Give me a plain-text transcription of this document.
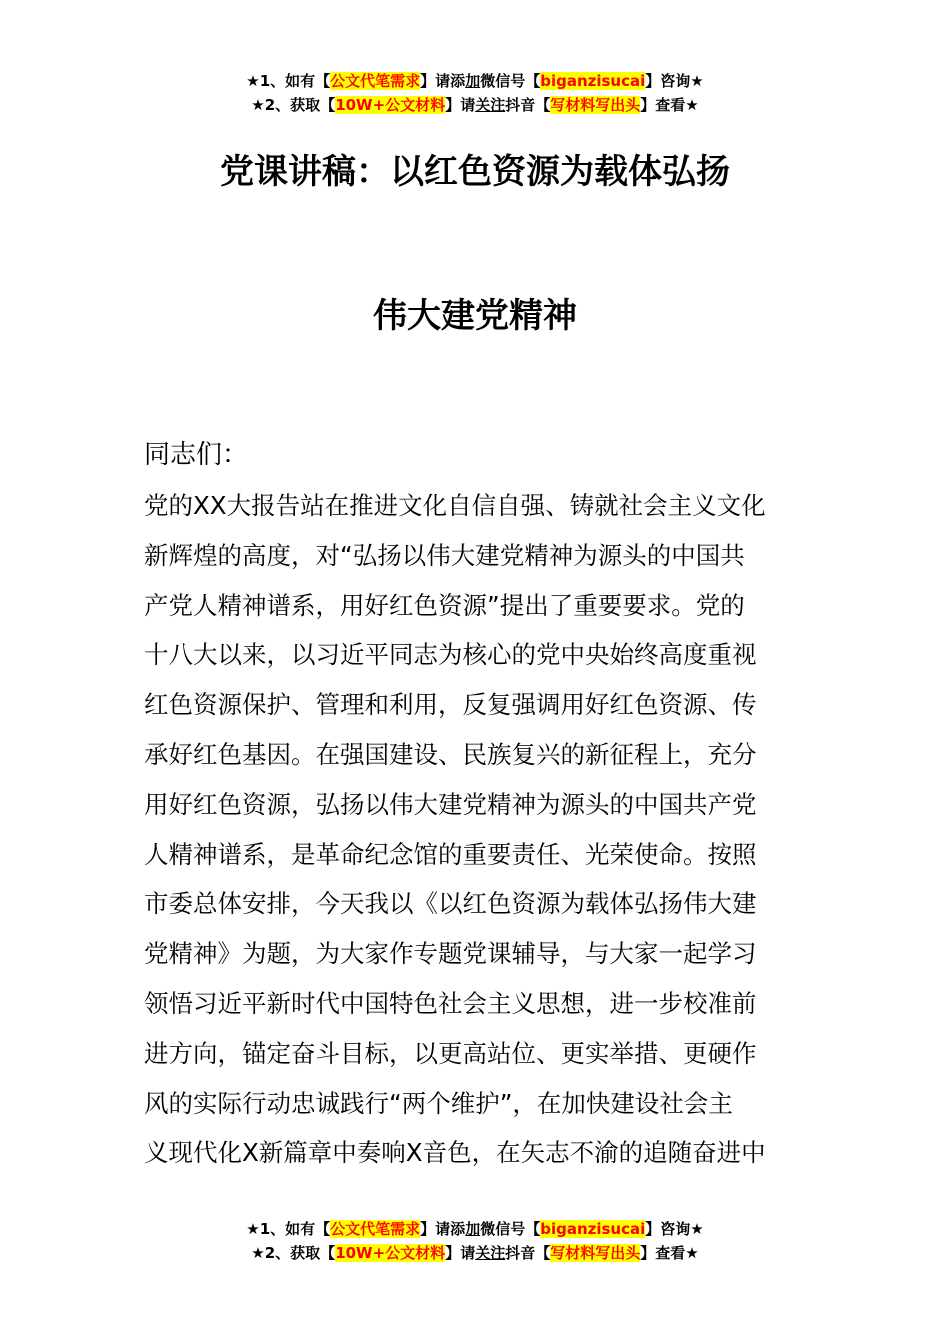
★1、如有【公文代笔需求】请添加微信号【biganzisucai】咨询★
★2、获取【10W+公文材料】请关注抖音【写材料写出头】查看★
党课讲稿：以红色资源为载体弘扬
伟大建党精神
同志们：
党的XX大报告站在推进文化自信自强、铸就社会主义文化
新辉煌的高度，对“弘扬以伟大建党精神为源头的中国共
产党人精神谱系，用好红色资源”提出了重要要求。党的
十八大以来，以习近平同志为核心的党中央始终高度重视
红色资源保护、管理和利用，反复强调用好红色资源、传
承好红色基因。在强国建设、民族复兴的新征程上，充分
用好红色资源，弘扬以伟大建党精神为源头的中国共产党
人精神谱系，是革命纪念馆的重要责任、光荣使命。按照
市委总体安排，今天我以《以红色资源为载体弘扬伟大建
党精神》为题，为大家作专题党课辅导，与大家一起学习
领悟习近平新时代中国特色社会主义思想，进一步校准前
进方向，锚定奋斗目标，以更高站位、更实举措、更硬作
风的实际行动忠诚践行“两个维护”，在加快建设社会主
义现代化X新篇章中奏响X音色，在矢志不渝的追随奋进中
★1、如有【公文代笔需求】请添加微信号【biganzisucai】咨询★
★2、获取【10W+公文材料】请关注抖音【写材料写出头】查看★
